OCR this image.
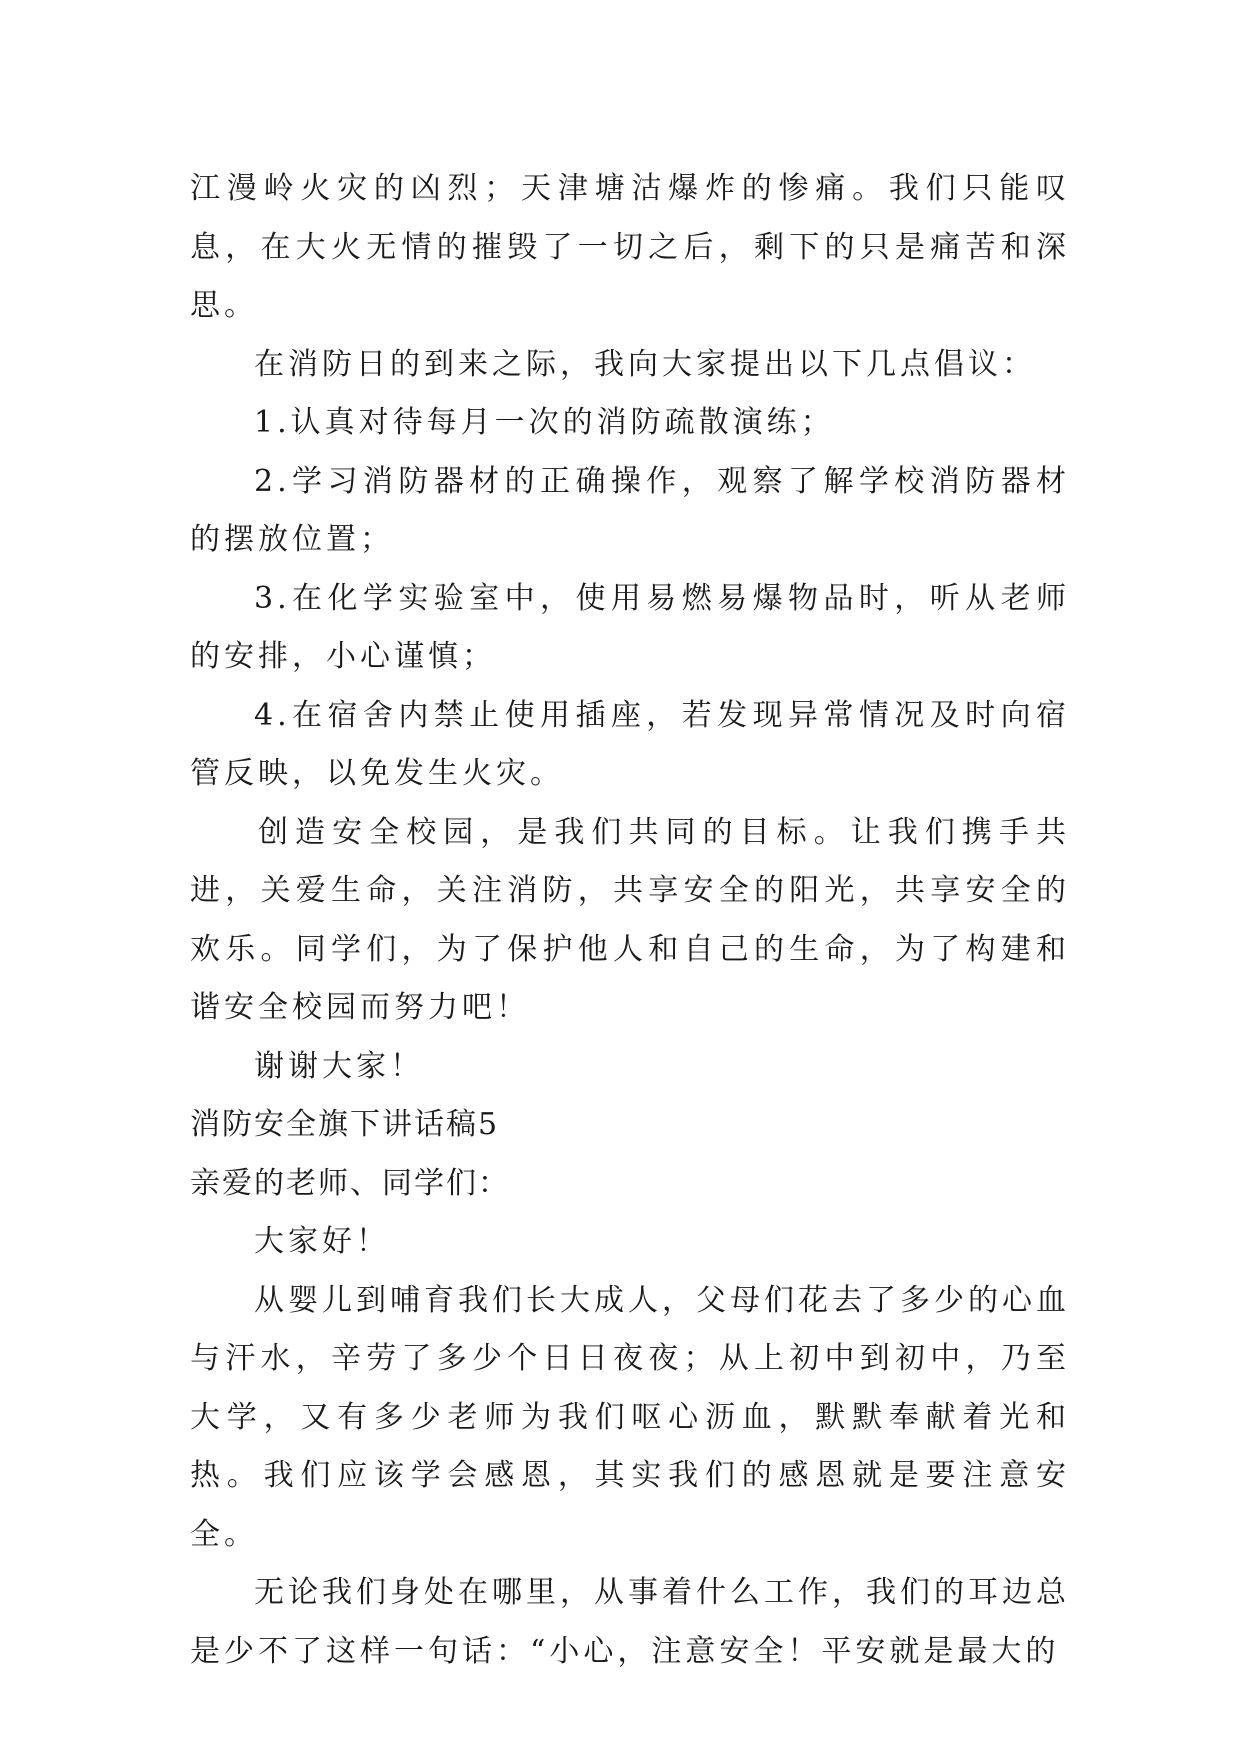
江漫岭火灾的凶烈；天津塘沽爆炸的惨痛。我们只能叹息，在大火无情的摧毁了一切之后，剩下的只是痛苦和深思。

在消防日的到来之际，我向大家提出以下几点倡议：

1.认真对待每月一次的消防疏散演练；

2.学习消防器材的正确操作，观察了解学校消防器材的摆放位置；

3.在化学实验室中，使用易燃易爆物品时，听从老师的安排，小心谨慎；

4.在宿舍内禁止使用插座，若发现异常情况及时向宿管反映，以免发生火灾。

创造安全校园，是我们共同的目标。让我们携手共进，关爱生命，关注消防，共享安全的阳光，共享安全的欢乐。同学们，为了保护他人和自己的生命，为了构建和谐安全校园而努力吧！

谢谢大家！

消防安全旗下讲话稿5

亲爱的老师、同学们：

大家好！

从婴儿到哺育我们长大成人，父母们花去了多少的心血与汗水，辛劳了多少个日日夜夜；从上初中到初中，乃至大学，又有多少老师为我们呕心沥血，默默奉献着光和热。我们应该学会感恩，其实我们的感恩就是要注意安全。

无论我们身处在哪里，从事着什么工作，我们的耳边总是少不了这样一句话：“小心，注意安全！平安就是最大的
